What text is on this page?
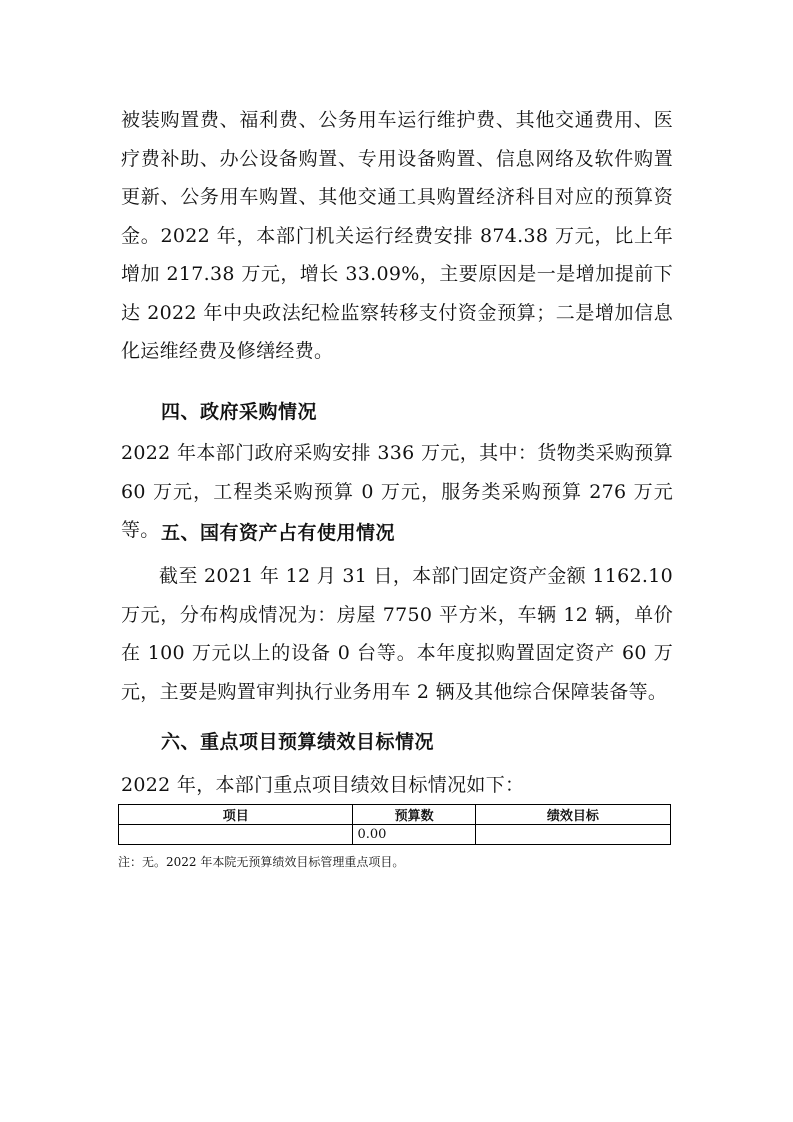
被装购置费、福利费、公务用车运行维护费、其他交通费用、医疗费补助、办公设备购置、专用设备购置、信息网络及软件购置更新、公务用车购置、其他交通工具购置经济科目对应的预算资金。2022 年，本部门机关运行经费安排 874.38 万元，比上年增加 217.38 万元，增长 33.09%，主要原因是一是增加提前下达 2022 年中央政法纪检监察转移支付资金预算；二是增加信息化运维经费及修缮经费。
四、政府采购情况
2022 年本部门政府采购安排 336 万元，其中：货物类采购预算 60 万元，工程类采购预算 0 万元，服务类采购预算 276 万元等。 五、国有资产占有使用情况
截至 2021 年 12 月 31 日，本部门固定资产金额 1162.10 万元，分布构成情况为：房屋 7750 平方米，车辆 12 辆，单价在 100 万元以上的设备 0 台等。本年度拟购置固定资产 60 万元，主要是购置审判执行业务用车 2 辆及其他综合保障装备等。
六、重点项目预算绩效目标情况
2022 年，本部门重点项目绩效目标情况如下：
项目	预算数	绩效目标
	0.00	
注：无。2022 年本院无预算绩效目标管理重点项目。
